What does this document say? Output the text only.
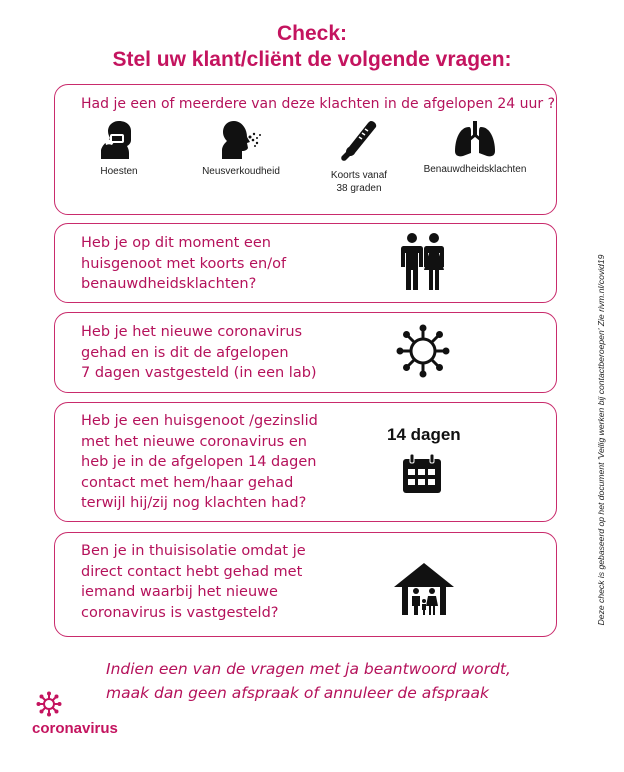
Check:
Stel uw klant/cliënt de volgende vragen:
Had je een of meerdere van deze klachten in de afgelopen 24 uur ?
Hoesten	Neusverkoudheid	Koorts vanaf
38 graden
Benauwdheidsklachten
Heb je op dit moment een
huisgenoot met koorts en/of
benauwdheidsklachten?
Heb je het nieuwe coronavirus
gehad en is dit de afgelopen
7 dagen vastgesteld (in een lab)
Heb je een huisgenoot /gezinslid
met het nieuwe coronavirus en
heb je in de afgelopen 14 dagen
contact met hem/haar gehad
terwijl hij/zij nog klachten had?
14 dagen
Ben je in thuisisolatie omdat je
direct contact hebt gehad met
iemand waarbij het nieuwe
coronavirus is vastgesteld?
Indien een van de vragen met ja beantwoord wordt,
maak dan geen afspraak of annuleer de afspraak
Deze check is gebaseerd op het document 'Veilig werken bij contactberoepen' Zie rivm.nl/covid19
coronavirus
